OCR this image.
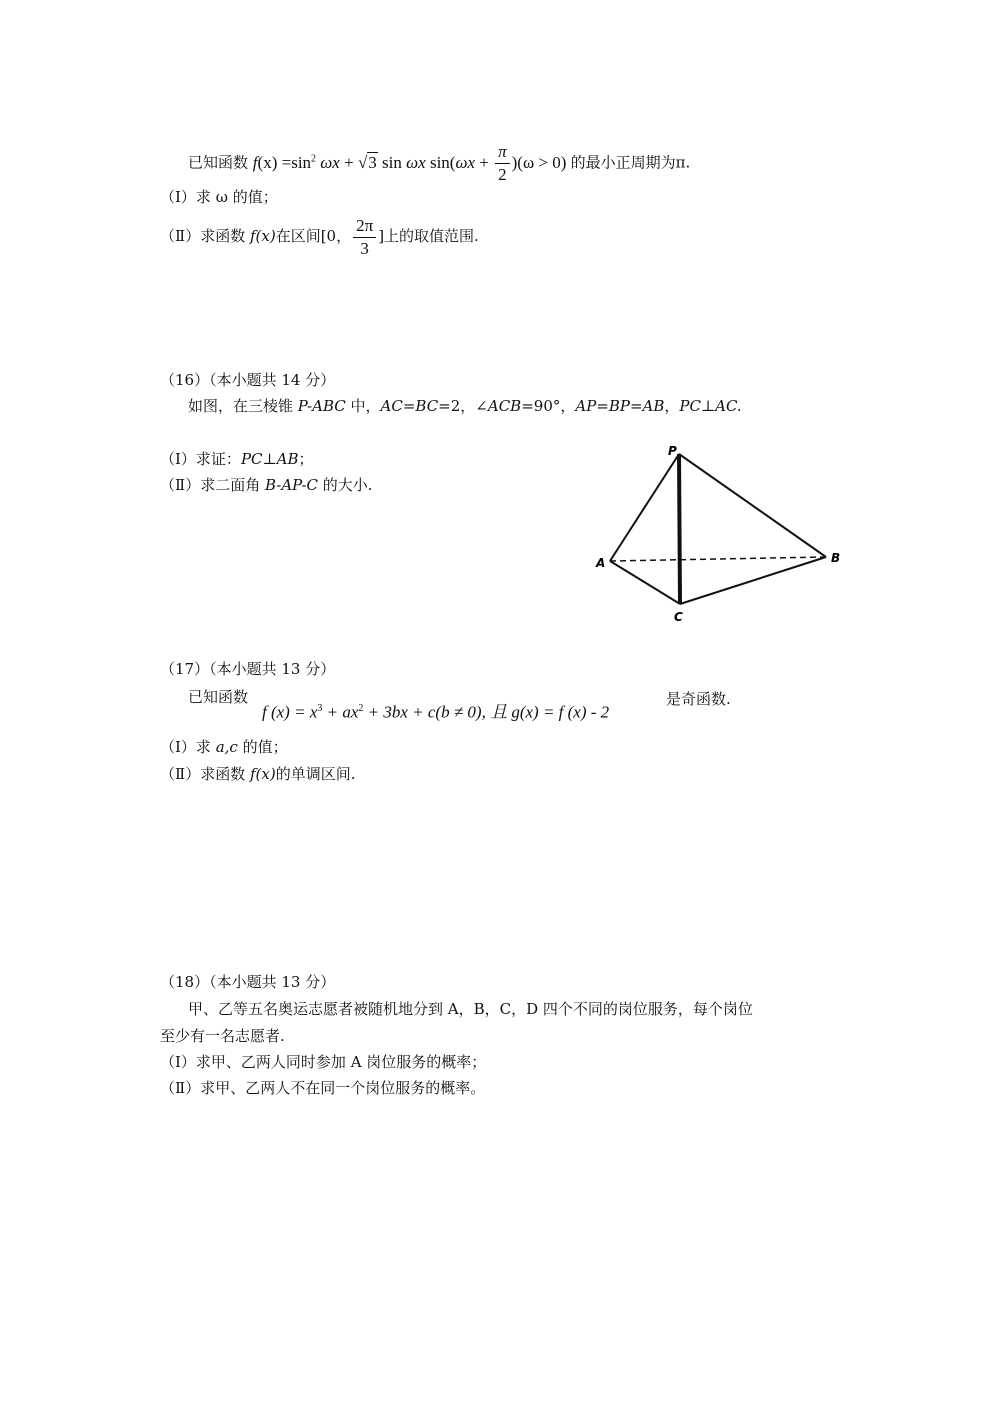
已知函数 $f(x) =\sin^2$ ωx + √3 sin ωx $\sin(\omega x + \frac{\pi}{2} )(\omega > 0)$ 的最小正周期为π.
（Ⅰ）求 ω 的值；
（Ⅱ）求函数 f(x)在区间[0， $\frac{2\pi}{3}$ ]上的取值范围.
（16）（本小题共 14 分）
如图，在三棱锥 P-ABC 中，AC=BC=2，∠ACB=90°，AP=BP=AB，PC⊥AC.
（Ⅰ）求证：PC⊥AB；
（Ⅱ）求二面角 B-AP-C 的大小.
P
A	B
C
（17）（本小题共 13 分）
已知函数
f $(x) = x^3 + ax^2 + 3bx + c(b \ne 0)$, 且 g(x) = f (x) - 2
是奇函数.
（Ⅰ）求 a,c 的值；
（Ⅱ）求函数 f(x)的单调区间.
（18）（本小题共 13 分）
甲、乙等五名奥运志愿者被随机地分到 A，B，C，D 四个不同的岗位服务，每个岗位
至少有一名志愿者.
（Ⅰ）求甲、乙两人同时参加 A 岗位服务的概率；
（Ⅱ）求甲、乙两人不在同一个岗位服务的概率。
